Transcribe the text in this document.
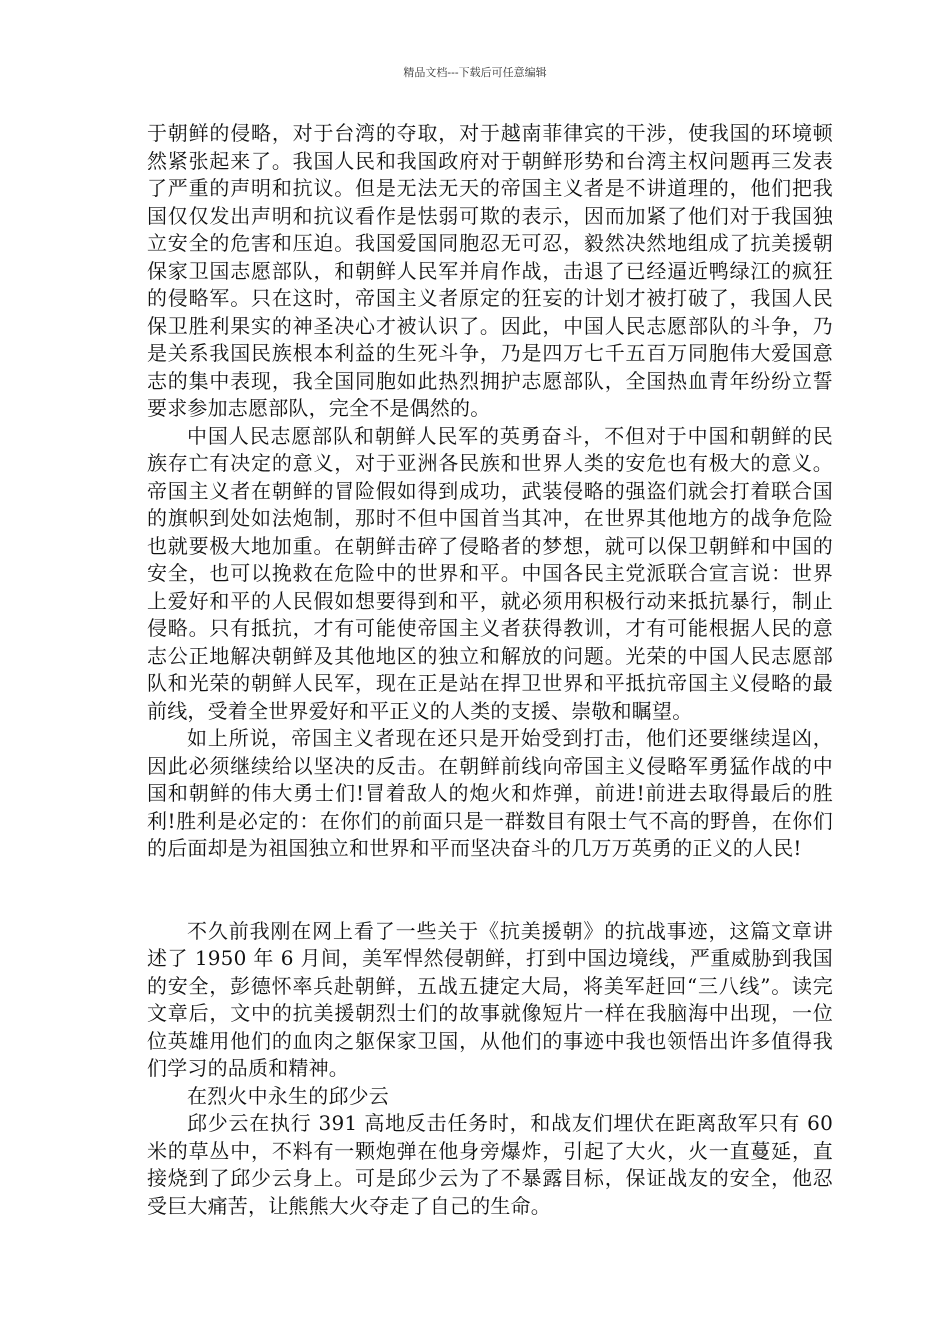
精品文档---下载后可任意编辑

于朝鲜的侵略，对于台湾的夺取，对于越南菲律宾的干涉，使我国的环境顿然紧张起来了。我国人民和我国政府对于朝鲜形势和台湾主权问题再三发表了严重的声明和抗议。但是无法无天的帝国主义者是不讲道理的，他们把我国仅仅发出声明和抗议看作是怯弱可欺的表示，因而加紧了他们对于我国独立安全的危害和压迫。我国爱国同胞忍无可忍，毅然决然地组成了抗美援朝保家卫国志愿部队，和朝鲜人民军并肩作战，击退了已经逼近鸭绿江的疯狂的侵略军。只在这时，帝国主义者原定的狂妄的计划才被打破了，我国人民保卫胜利果实的神圣决心才被认识了。因此，中国人民志愿部队的斗争，乃是关系我国民族根本利益的生死斗争，乃是四万七千五百万同胞伟大爱国意志的集中表现，我全国同胞如此热烈拥护志愿部队，全国热血青年纷纷立誓要求参加志愿部队，完全不是偶然的。

中国人民志愿部队和朝鲜人民军的英勇奋斗，不但对于中国和朝鲜的民族存亡有决定的意义，对于亚洲各民族和世界人类的安危也有极大的意义。帝国主义者在朝鲜的冒险假如得到成功，武装侵略的强盗们就会打着联合国的旗帜到处如法炮制，那时不但中国首当其冲，在世界其他地方的战争危险也就要极大地加重。在朝鲜击碎了侵略者的梦想，就可以保卫朝鲜和中国的安全，也可以挽救在危险中的世界和平。中国各民主党派联合宣言说：世界上爱好和平的人民假如想要得到和平，就必须用积极行动来抵抗暴行，制止侵略。只有抵抗，才有可能使帝国主义者获得教训，才有可能根据人民的意志公正地解决朝鲜及其他地区的独立和解放的问题。光荣的中国人民志愿部队和光荣的朝鲜人民军，现在正是站在捍卫世界和平抵抗帝国主义侵略的最前线，受着全世界爱好和平正义的人类的支援、崇敬和瞩望。

如上所说，帝国主义者现在还只是开始受到打击，他们还要继续逞凶，因此必须继续给以坚决的反击。在朝鲜前线向帝国主义侵略军勇猛作战的中国和朝鲜的伟大勇士们!冒着敌人的炮火和炸弹，前进!前进去取得最后的胜利!胜利是必定的：在你们的前面只是一群数目有限士气不高的野兽，在你们的后面却是为祖国独立和世界和平而坚决奋斗的几万万英勇的正义的人民!

不久前我刚在网上看了一些关于《抗美援朝》的抗战事迹，这篇文章讲述了 1950 年 6 月间，美军悍然侵朝鲜，打到中国边境线，严重威胁到我国的安全，彭德怀率兵赴朝鲜，五战五捷定大局，将美军赶回“三八线”。读完文章后，文中的抗美援朝烈士们的故事就像短片一样在我脑海中出现，一位位英雄用他们的血肉之躯保家卫国，从他们的事迹中我也领悟出许多值得我们学习的品质和精神。

在烈火中永生的邱少云

邱少云在执行 391 高地反击任务时，和战友们埋伏在距离敌军只有 60 米的草丛中，不料有一颗炮弹在他身旁爆炸，引起了大火，火一直蔓延，直接烧到了邱少云身上。可是邱少云为了不暴露目标，保证战友的安全，他忍受巨大痛苦，让熊熊大火夺走了自己的生命。
